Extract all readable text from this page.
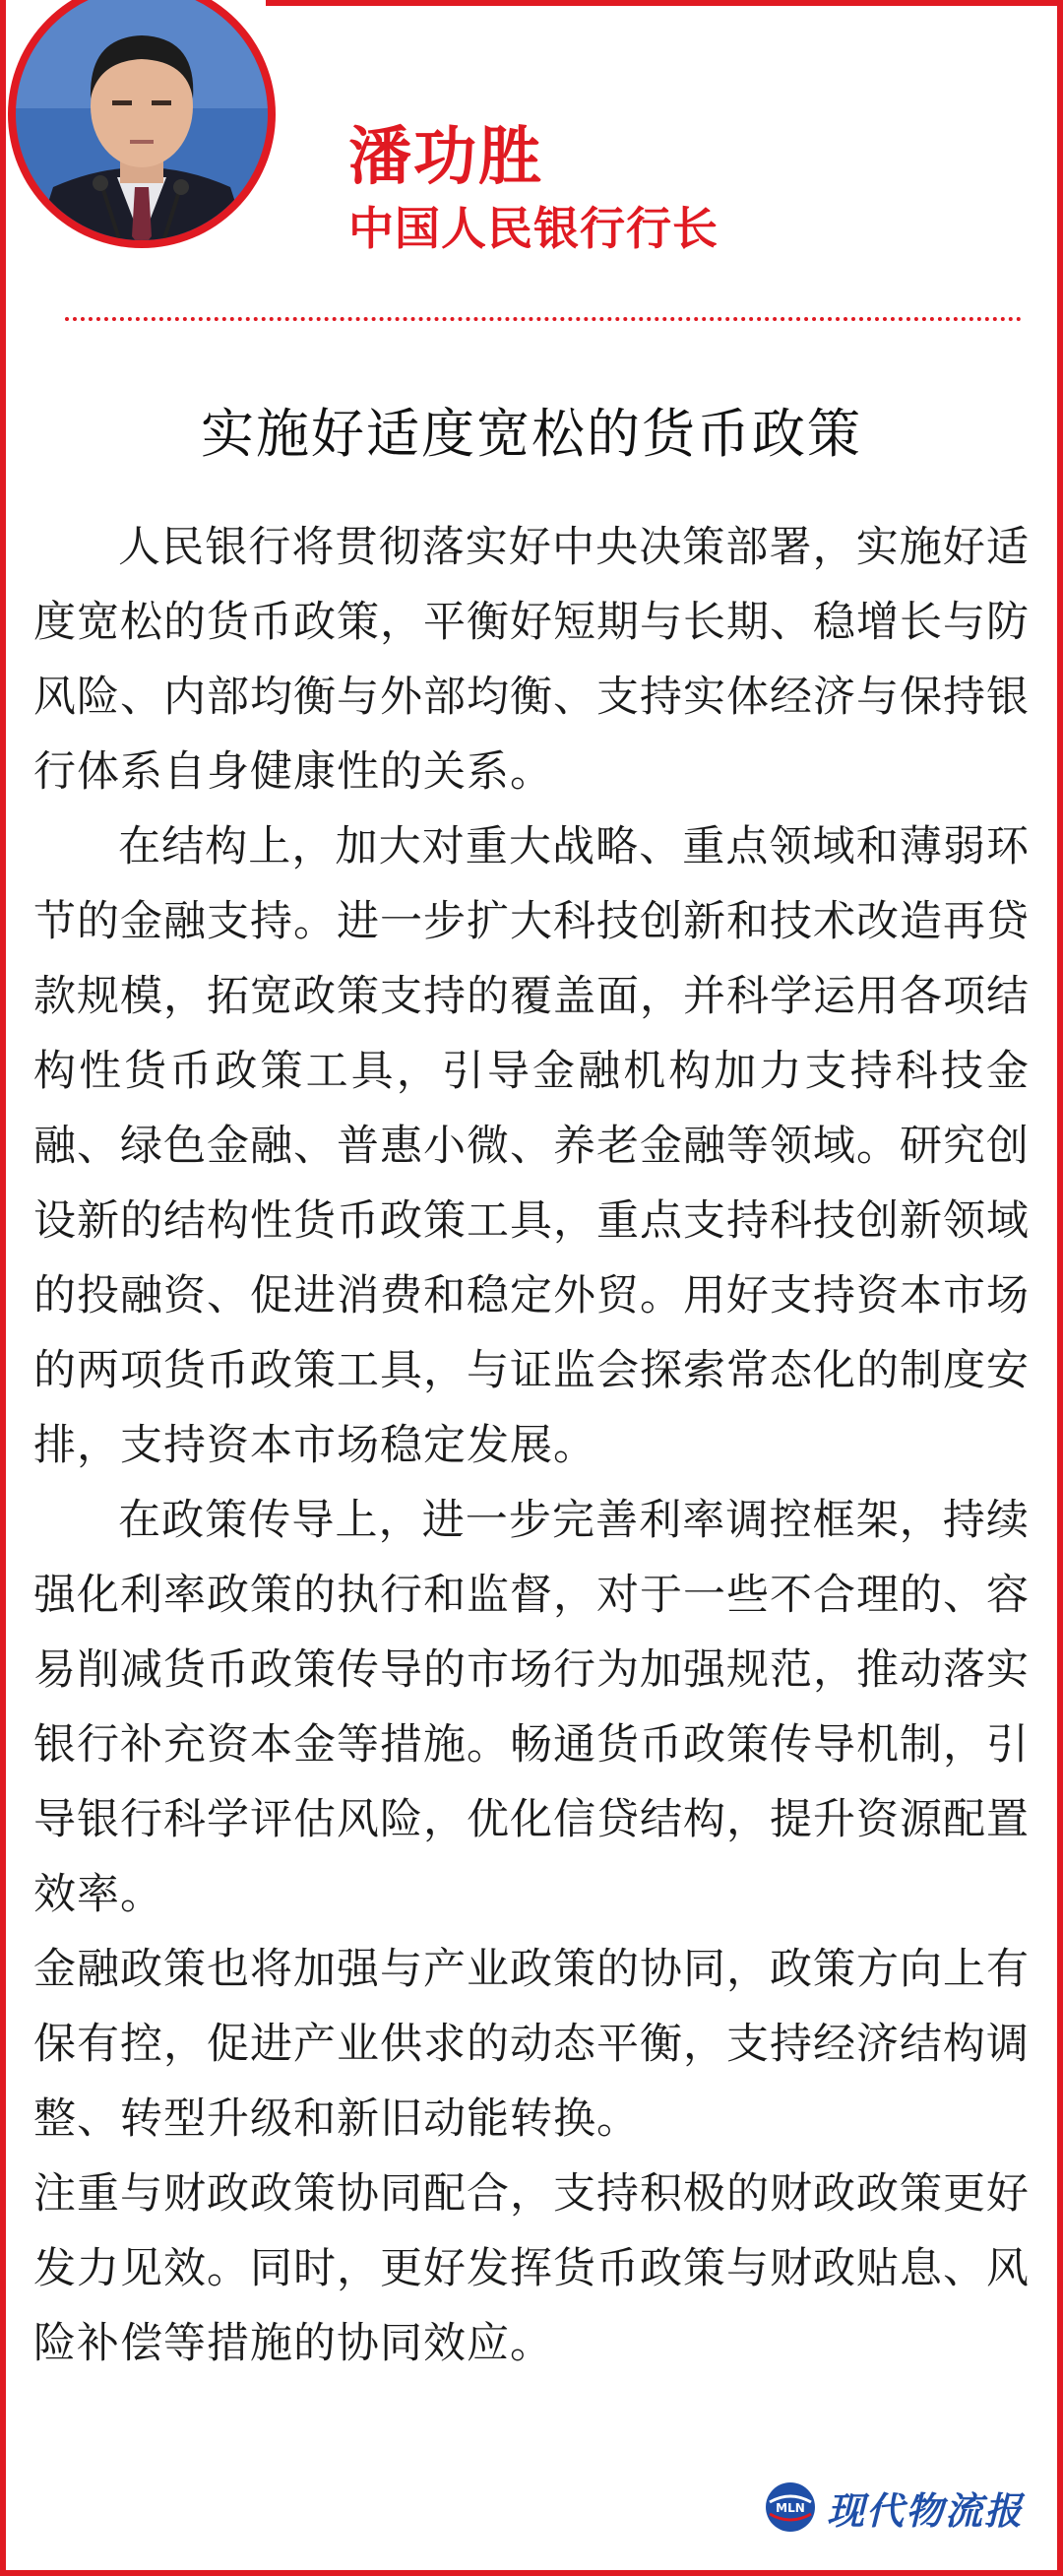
潘功胜
中国人民银行行长
实施好适度宽松的货币政策

人民银行将贯彻落实好中央决策部署，实施好适度宽松的货币政策，平衡好短期与长期、稳增长与防风险、内部均衡与外部均衡、支持实体经济与保持银行体系自身健康性的关系。

在结构上，加大对重大战略、重点领域和薄弱环节的金融支持。进一步扩大科技创新和技术改造再贷款规模，拓宽政策支持的覆盖面，并科学运用各项结构性货币政策工具，引导金融机构加力支持科技金融、绿色金融、普惠小微、养老金融等领域。研究创设新的结构性货币政策工具，重点支持科技创新领域的投融资、促进消费和稳定外贸。用好支持资本市场的两项货币政策工具，与证监会探索常态化的制度安排，支持资本市场稳定发展。

在政策传导上，进一步完善利率调控框架，持续强化利率政策的执行和监督，对于一些不合理的、容易削减货币政策传导的市场行为加强规范，推动落实银行补充资本金等措施。畅通货币政策传导机制，引导银行科学评估风险，优化信贷结构，提升资源配置效率。

金融政策也将加强与产业政策的协同，政策方向上有保有控，促进产业供求的动态平衡，支持经济结构调整、转型升级和新旧动能转换。

注重与财政政策协同配合，支持积极的财政政策更好发力见效。同时，更好发挥货币政策与财政贴息、风险补偿等措施的协同效应。

MLN 现代物流报
